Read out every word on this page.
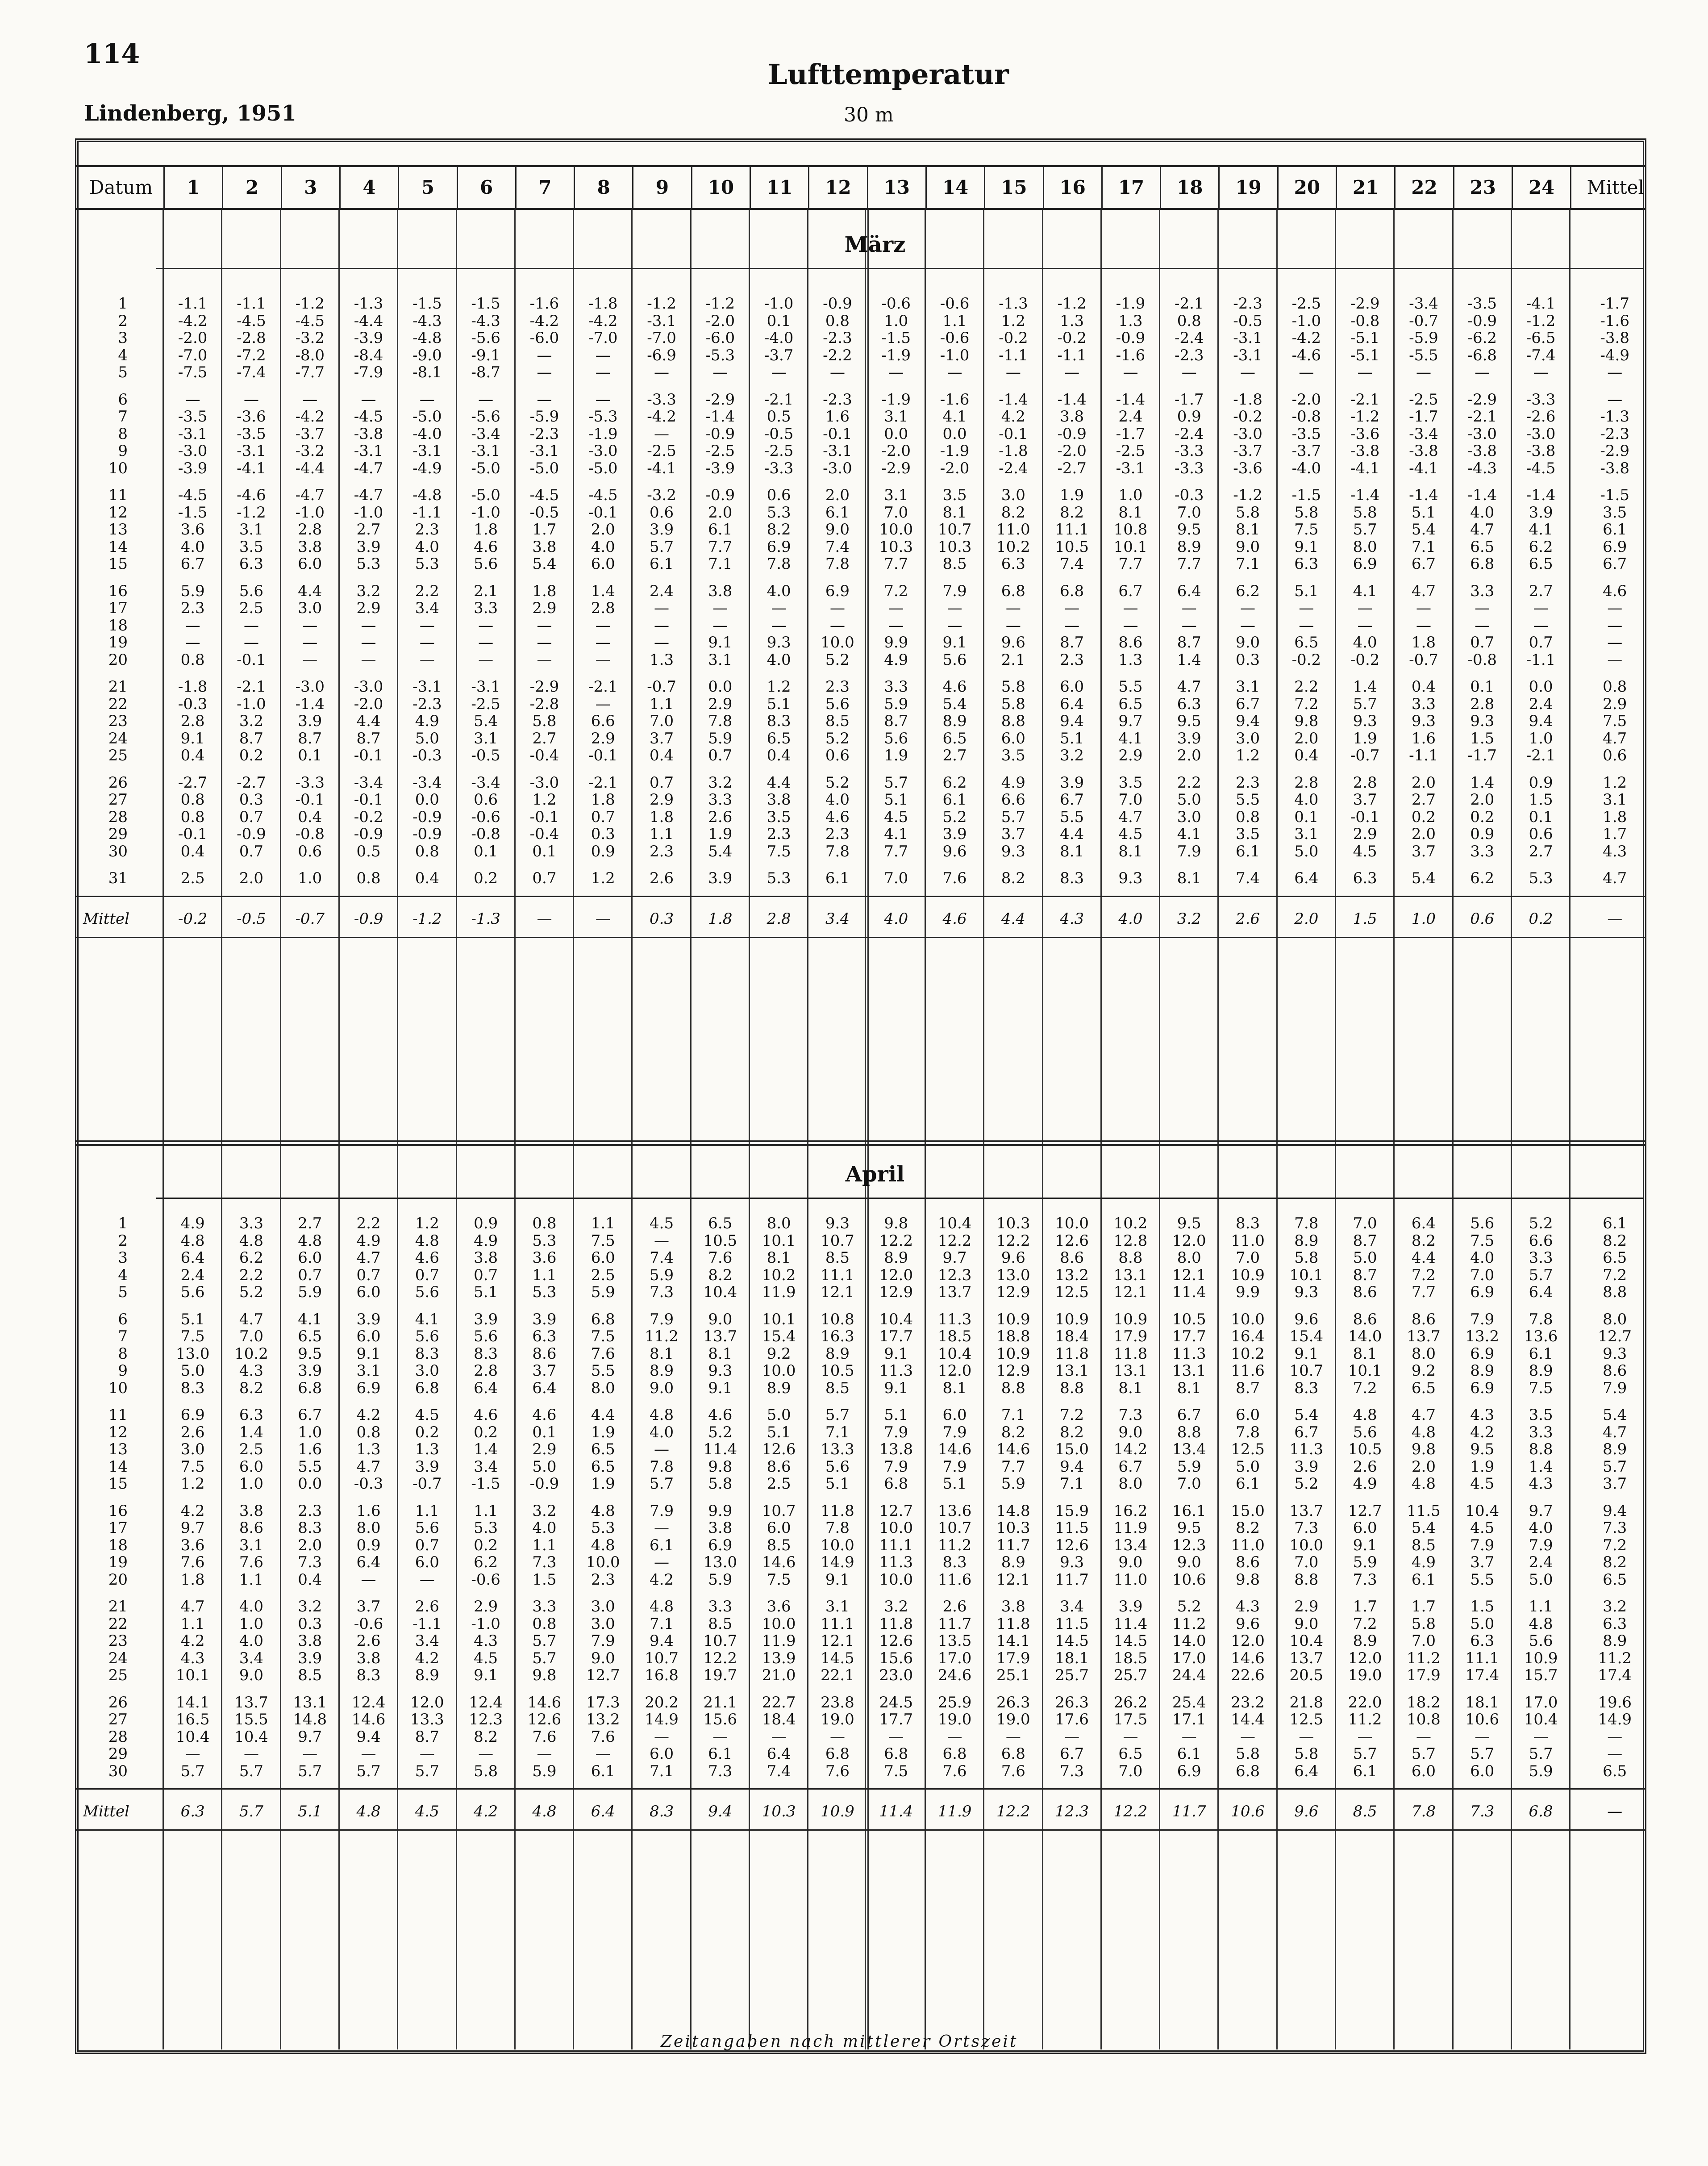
114
Lufttemperatur
Lindenberg, 1951	30 m
Datum	1	2	3	4	5	6	7	8	9	10	11	12	13	14	15	16	17	18	19	20	21	22	23	24	Mittel
März
1	-1.1	-1.1	-1.2	-1.3	-1.5	-1.5	-1.6	-1.8	-1.2	-1.2	-1.0	-0.9	-0.6	-0.6	-1.3	-1.2	-1.9	-2.1	-2.3	-2.5	-2.9	-3.4	-3.5	-4.1	-1.7
2	-4.2	-4.5	-4.5	-4.4	-4.3	-4.3	-4.2	-4.2	-3.1	-2.0	0.1	0.8	1.0	1.1	1.2	1.3	1.3	0.8	-0.5	-1.0	-0.8	-0.7	-0.9	-1.2	-1.6
3	-2.0	-2.8	-3.2	-3.9	-4.8	-5.6	-6.0	-7.0	-7.0	-6.0	-4.0	-2.3	-1.5	-0.6	-0.2	-0.2	-0.9	-2.4	-3.1	-4.2	-5.1	-5.9	-6.2	-6.5	-3.8
4	-7.0	-7.2	-8.0	-8.4	-9.0	-9.1	—	—	-6.9	-5.3	-3.7	-2.2	-1.9	-1.0	-1.1	-1.1	-1.6	-2.3	-3.1	-4.6	-5.1	-5.5	-6.8	-7.4	-4.9
5	-7.5	-7.4	-7.7	-7.9	-8.1	-8.7	—	—	—	—	—	—	—	—	—	—	—	—	—	—	—	—	—	—	—
6	—	—	—	—	—	—	—	—	-3.3	-2.9	-2.1	-2.3	-1.9	-1.6	-1.4	-1.4	-1.4	-1.7	-1.8	-2.0	-2.1	-2.5	-2.9	-3.3	—
7	-3.5	-3.6	-4.2	-4.5	-5.0	-5.6	-5.9	-5.3	-4.2	-1.4	0.5	1.6	3.1	4.1	4.2	3.8	2.4	0.9	-0.2	-0.8	-1.2	-1.7	-2.1	-2.6	-1.3
8	-3.1	-3.5	-3.7	-3.8	-4.0	-3.4	-2.3	-1.9	—	-0.9	-0.5	-0.1	0.0	0.0	-0.1	-0.9	-1.7	-2.4	-3.0	-3.5	-3.6	-3.4	-3.0	-3.0	-2.3
9	-3.0	-3.1	-3.2	-3.1	-3.1	-3.1	-3.1	-3.0	-2.5	-2.5	-2.5	-3.1	-2.0	-1.9	-1.8	-2.0	-2.5	-3.3	-3.7	-3.7	-3.8	-3.8	-3.8	-3.8	-2.9
10	-3.9	-4.1	-4.4	-4.7	-4.9	-5.0	-5.0	-5.0	-4.1	-3.9	-3.3	-3.0	-2.9	-2.0	-2.4	-2.7	-3.1	-3.3	-3.6	-4.0	-4.1	-4.1	-4.3	-4.5	-3.8
11	-4.5	-4.6	-4.7	-4.7	-4.8	-5.0	-4.5	-4.5	-3.2	-0.9	0.6	2.0	3.1	3.5	3.0	1.9	1.0	-0.3	-1.2	-1.5	-1.4	-1.4	-1.4	-1.4	-1.5
12	-1.5	-1.2	-1.0	-1.0	-1.1	-1.0	-0.5	-0.1	0.6	2.0	5.3	6.1	7.0	8.1	8.2	8.2	8.1	7.0	5.8	5.8	5.8	5.1	4.0	3.9	3.5
13	3.6	3.1	2.8	2.7	2.3	1.8	1.7	2.0	3.9	6.1	8.2	9.0	10.0	10.7	11.0	11.1	10.8	9.5	8.1	7.5	5.7	5.4	4.7	4.1	6.1
14	4.0	3.5	3.8	3.9	4.0	4.6	3.8	4.0	5.7	7.7	6.9	7.4	10.3	10.3	10.2	10.5	10.1	8.9	9.0	9.1	8.0	7.1	6.5	6.2	6.9
15	6.7	6.3	6.0	5.3	5.3	5.6	5.4	6.0	6.1	7.1	7.8	7.8	7.7	8.5	6.3	7.4	7.7	7.7	7.1	6.3	6.9	6.7	6.8	6.5	6.7
16	5.9	5.6	4.4	3.2	2.2	2.1	1.8	1.4	2.4	3.8	4.0	6.9	7.2	7.9	6.8	6.8	6.7	6.4	6.2	5.1	4.1	4.7	3.3	2.7	4.6
17	2.3	2.5	3.0	2.9	3.4	3.3	2.9	2.8	—	—	—	—	—	—	—	—	—	—	—	—	—	—	—	—	—
18	—	—	—	—	—	—	—	—	—	—	—	—	—	—	—	—	—	—	—	—	—	—	—	—	—
19	—	—	—	—	—	—	—	—	—	9.1	9.3	10.0	9.9	9.1	9.6	8.7	8.6	8.7	9.0	6.5	4.0	1.8	0.7	0.7	—
20	0.8	-0.1	—	—	—	—	—	—	1.3	3.1	4.0	5.2	4.9	5.6	2.1	2.3	1.3	1.4	0.3	-0.2	-0.2	-0.7	-0.8	-1.1	—
21	-1.8	-2.1	-3.0	-3.0	-3.1	-3.1	-2.9	-2.1	-0.7	0.0	1.2	2.3	3.3	4.6	5.8	6.0	5.5	4.7	3.1	2.2	1.4	0.4	0.1	0.0	0.8
22	-0.3	-1.0	-1.4	-2.0	-2.3	-2.5	-2.8	—	1.1	2.9	5.1	5.6	5.9	5.4	5.8	6.4	6.5	6.3	6.7	7.2	5.7	3.3	2.8	2.4	2.9
23	2.8	3.2	3.9	4.4	4.9	5.4	5.8	6.6	7.0	7.8	8.3	8.5	8.7	8.9	8.8	9.4	9.7	9.5	9.4	9.8	9.3	9.3	9.3	9.4	7.5
24	9.1	8.7	8.7	8.7	5.0	3.1	2.7	2.9	3.7	5.9	6.5	5.2	5.6	6.5	6.0	5.1	4.1	3.9	3.0	2.0	1.9	1.6	1.5	1.0	4.7
25	0.4	0.2	0.1	-0.1	-0.3	-0.5	-0.4	-0.1	0.4	0.7	0.4	0.6	1.9	2.7	3.5	3.2	2.9	2.0	1.2	0.4	-0.7	-1.1	-1.7	-2.1	0.6
26	-2.7	-2.7	-3.3	-3.4	-3.4	-3.4	-3.0	-2.1	0.7	3.2	4.4	5.2	5.7	6.2	4.9	3.9	3.5	2.2	2.3	2.8	2.8	2.0	1.4	0.9	1.2
27	0.8	0.3	-0.1	-0.1	0.0	0.6	1.2	1.8	2.9	3.3	3.8	4.0	5.1	6.1	6.6	6.7	7.0	5.0	5.5	4.0	3.7	2.7	2.0	1.5	3.1
28	0.8	0.7	0.4	-0.2	-0.9	-0.6	-0.1	0.7	1.8	2.6	3.5	4.6	4.5	5.2	5.7	5.5	4.7	3.0	0.8	0.1	-0.1	0.2	0.2	0.1	1.8
29	-0.1	-0.9	-0.8	-0.9	-0.9	-0.8	-0.4	0.3	1.1	1.9	2.3	2.3	4.1	3.9	3.7	4.4	4.5	4.1	3.5	3.1	2.9	2.0	0.9	0.6	1.7
30	0.4	0.7	0.6	0.5	0.8	0.1	0.1	0.9	2.3	5.4	7.5	7.8	7.7	9.6	9.3	8.1	8.1	7.9	6.1	5.0	4.5	3.7	3.3	2.7	4.3
31	2.5	2.0	1.0	0.8	0.4	0.2	0.7	1.2	2.6	3.9	5.3	6.1	7.0	7.6	8.2	8.3	9.3	8.1	7.4	6.4	6.3	5.4	6.2	5.3	4.7
Mittel	-0.2	-0.5	-0.7	-0.9	-1.2	-1.3	—	—	0.3	1.8	2.8	3.4	4.0	4.6	4.4	4.3	4.0	3.2	2.6	2.0	1.5	1.0	0.6	0.2	—
April
1	4.9	3.3	2.7	2.2	1.2	0.9	0.8	1.1	4.5	6.5	8.0	9.3	9.8	10.4	10.3	10.0	10.2	9.5	8.3	7.8	7.0	6.4	5.6	5.2	6.1
2	4.8	4.8	4.8	4.9	4.8	4.9	5.3	7.5	—	10.5	10.1	10.7	12.2	12.2	12.2	12.6	12.8	12.0	11.0	8.9	8.7	8.2	7.5	6.6	8.2
3	6.4	6.2	6.0	4.7	4.6	3.8	3.6	6.0	7.4	7.6	8.1	8.5	8.9	9.7	9.6	8.6	8.8	8.0	7.0	5.8	5.0	4.4	4.0	3.3	6.5
4	2.4	2.2	0.7	0.7	0.7	0.7	1.1	2.5	5.9	8.2	10.2	11.1	12.0	12.3	13.0	13.2	13.1	12.1	10.9	10.1	8.7	7.2	7.0	5.7	7.2
5	5.6	5.2	5.9	6.0	5.6	5.1	5.3	5.9	7.3	10.4	11.9	12.1	12.9	13.7	12.9	12.5	12.1	11.4	9.9	9.3	8.6	7.7	6.9	6.4	8.8
6	5.1	4.7	4.1	3.9	4.1	3.9	3.9	6.8	7.9	9.0	10.1	10.8	10.4	11.3	10.9	10.9	10.9	10.5	10.0	9.6	8.6	8.6	7.9	7.8	8.0
7	7.5	7.0	6.5	6.0	5.6	5.6	6.3	7.5	11.2	13.7	15.4	16.3	17.7	18.5	18.8	18.4	17.9	17.7	16.4	15.4	14.0	13.7	13.2	13.6	12.7
8	13.0	10.2	9.5	9.1	8.3	8.3	8.6	7.6	8.1	8.1	9.2	8.9	9.1	10.4	10.9	11.8	11.8	11.3	10.2	9.1	8.1	8.0	6.9	6.1	9.3
9	5.0	4.3	3.9	3.1	3.0	2.8	3.7	5.5	8.9	9.3	10.0	10.5	11.3	12.0	12.9	13.1	13.1	13.1	11.6	10.7	10.1	9.2	8.9	8.9	8.6
10	8.3	8.2	6.8	6.9	6.8	6.4	6.4	8.0	9.0	9.1	8.9	8.5	9.1	8.1	8.8	8.8	8.1	8.1	8.7	8.3	7.2	6.5	6.9	7.5	7.9
11	6.9	6.3	6.7	4.2	4.5	4.6	4.6	4.4	4.8	4.6	5.0	5.7	5.1	6.0	7.1	7.2	7.3	6.7	6.0	5.4	4.8	4.7	4.3	3.5	5.4
12	2.6	1.4	1.0	0.8	0.2	0.2	0.1	1.9	4.0	5.2	5.1	7.1	7.9	7.9	8.2	8.2	9.0	8.8	7.8	6.7	5.6	4.8	4.2	3.3	4.7
13	3.0	2.5	1.6	1.3	1.3	1.4	2.9	6.5	—	11.4	12.6	13.3	13.8	14.6	14.6	15.0	14.2	13.4	12.5	11.3	10.5	9.8	9.5	8.8	8.9
14	7.5	6.0	5.5	4.7	3.9	3.4	5.0	6.5	7.8	9.8	8.6	5.6	7.9	7.9	7.7	9.4	6.7	5.9	5.0	3.9	2.6	2.0	1.9	1.4	5.7
15	1.2	1.0	0.0	-0.3	-0.7	-1.5	-0.9	1.9	5.7	5.8	2.5	5.1	6.8	5.1	5.9	7.1	8.0	7.0	6.1	5.2	4.9	4.8	4.5	4.3	3.7
16	4.2	3.8	2.3	1.6	1.1	1.1	3.2	4.8	7.9	9.9	10.7	11.8	12.7	13.6	14.8	15.9	16.2	16.1	15.0	13.7	12.7	11.5	10.4	9.7	9.4
17	9.7	8.6	8.3	8.0	5.6	5.3	4.0	5.3	—	3.8	6.0	7.8	10.0	10.7	10.3	11.5	11.9	9.5	8.2	7.3	6.0	5.4	4.5	4.0	7.3
18	3.6	3.1	2.0	0.9	0.7	0.2	1.1	4.8	6.1	6.9	8.5	10.0	11.1	11.2	11.7	12.6	13.4	12.3	11.0	10.0	9.1	8.5	7.9	7.9	7.2
19	7.6	7.6	7.3	6.4	6.0	6.2	7.3	10.0	—	13.0	14.6	14.9	11.3	8.3	8.9	9.3	9.0	9.0	8.6	7.0	5.9	4.9	3.7	2.4	8.2
20	1.8	1.1	0.4	—	—	-0.6	1.5	2.3	4.2	5.9	7.5	9.1	10.0	11.6	12.1	11.7	11.0	10.6	9.8	8.8	7.3	6.1	5.5	5.0	6.5
21	4.7	4.0	3.2	3.7	2.6	2.9	3.3	3.0	4.8	3.3	3.6	3.1	3.2	2.6	3.8	3.4	3.9	5.2	4.3	2.9	1.7	1.7	1.5	1.1	3.2
22	1.1	1.0	0.3	-0.6	-1.1	-1.0	0.8	3.0	7.1	8.5	10.0	11.1	11.8	11.7	11.8	11.5	11.4	11.2	9.6	9.0	7.2	5.8	5.0	4.8	6.3
23	4.2	4.0	3.8	2.6	3.4	4.3	5.7	7.9	9.4	10.7	11.9	12.1	12.6	13.5	14.1	14.5	14.5	14.0	12.0	10.4	8.9	7.0	6.3	5.6	8.9
24	4.3	3.4	3.9	3.8	4.2	4.5	5.7	9.0	10.7	12.2	13.9	14.5	15.6	17.0	17.9	18.1	18.5	17.0	14.6	13.7	12.0	11.2	11.1	10.9	11.2
25	10.1	9.0	8.5	8.3	8.9	9.1	9.8	12.7	16.8	19.7	21.0	22.1	23.0	24.6	25.1	25.7	25.7	24.4	22.6	20.5	19.0	17.9	17.4	15.7	17.4
26	14.1	13.7	13.1	12.4	12.0	12.4	14.6	17.3	20.2	21.1	22.7	23.8	24.5	25.9	26.3	26.3	26.2	25.4	23.2	21.8	22.0	18.2	18.1	17.0	19.6
27	16.5	15.5	14.8	14.6	13.3	12.3	12.6	13.2	14.9	15.6	18.4	19.0	17.7	19.0	19.0	17.6	17.5	17.1	14.4	12.5	11.2	10.8	10.6	10.4	14.9
28	10.4	10.4	9.7	9.4	8.7	8.2	7.6	7.6	—	—	—	—	—	—	—	—	—	—	—	—	—	—	—	—	—
29	—	—	—	—	—	—	—	—	6.0	6.1	6.4	6.8	6.8	6.8	6.8	6.7	6.5	6.1	5.8	5.8	5.7	5.7	5.7	5.7	—
30	5.7	5.7	5.7	5.7	5.7	5.8	5.9	6.1	7.1	7.3	7.4	7.6	7.5	7.6	7.6	7.3	7.0	6.9	6.8	6.4	6.1	6.0	6.0	5.9	6.5
Mittel	6.3	5.7	5.1	4.8	4.5	4.2	4.8	6.4	8.3	9.4	10.3	10.9	11.4	11.9	12.2	12.3	12.2	11.7	10.6	9.6	8.5	7.8	7.3	6.8	—
Zeitangaben nach mittlerer Ortszeit
